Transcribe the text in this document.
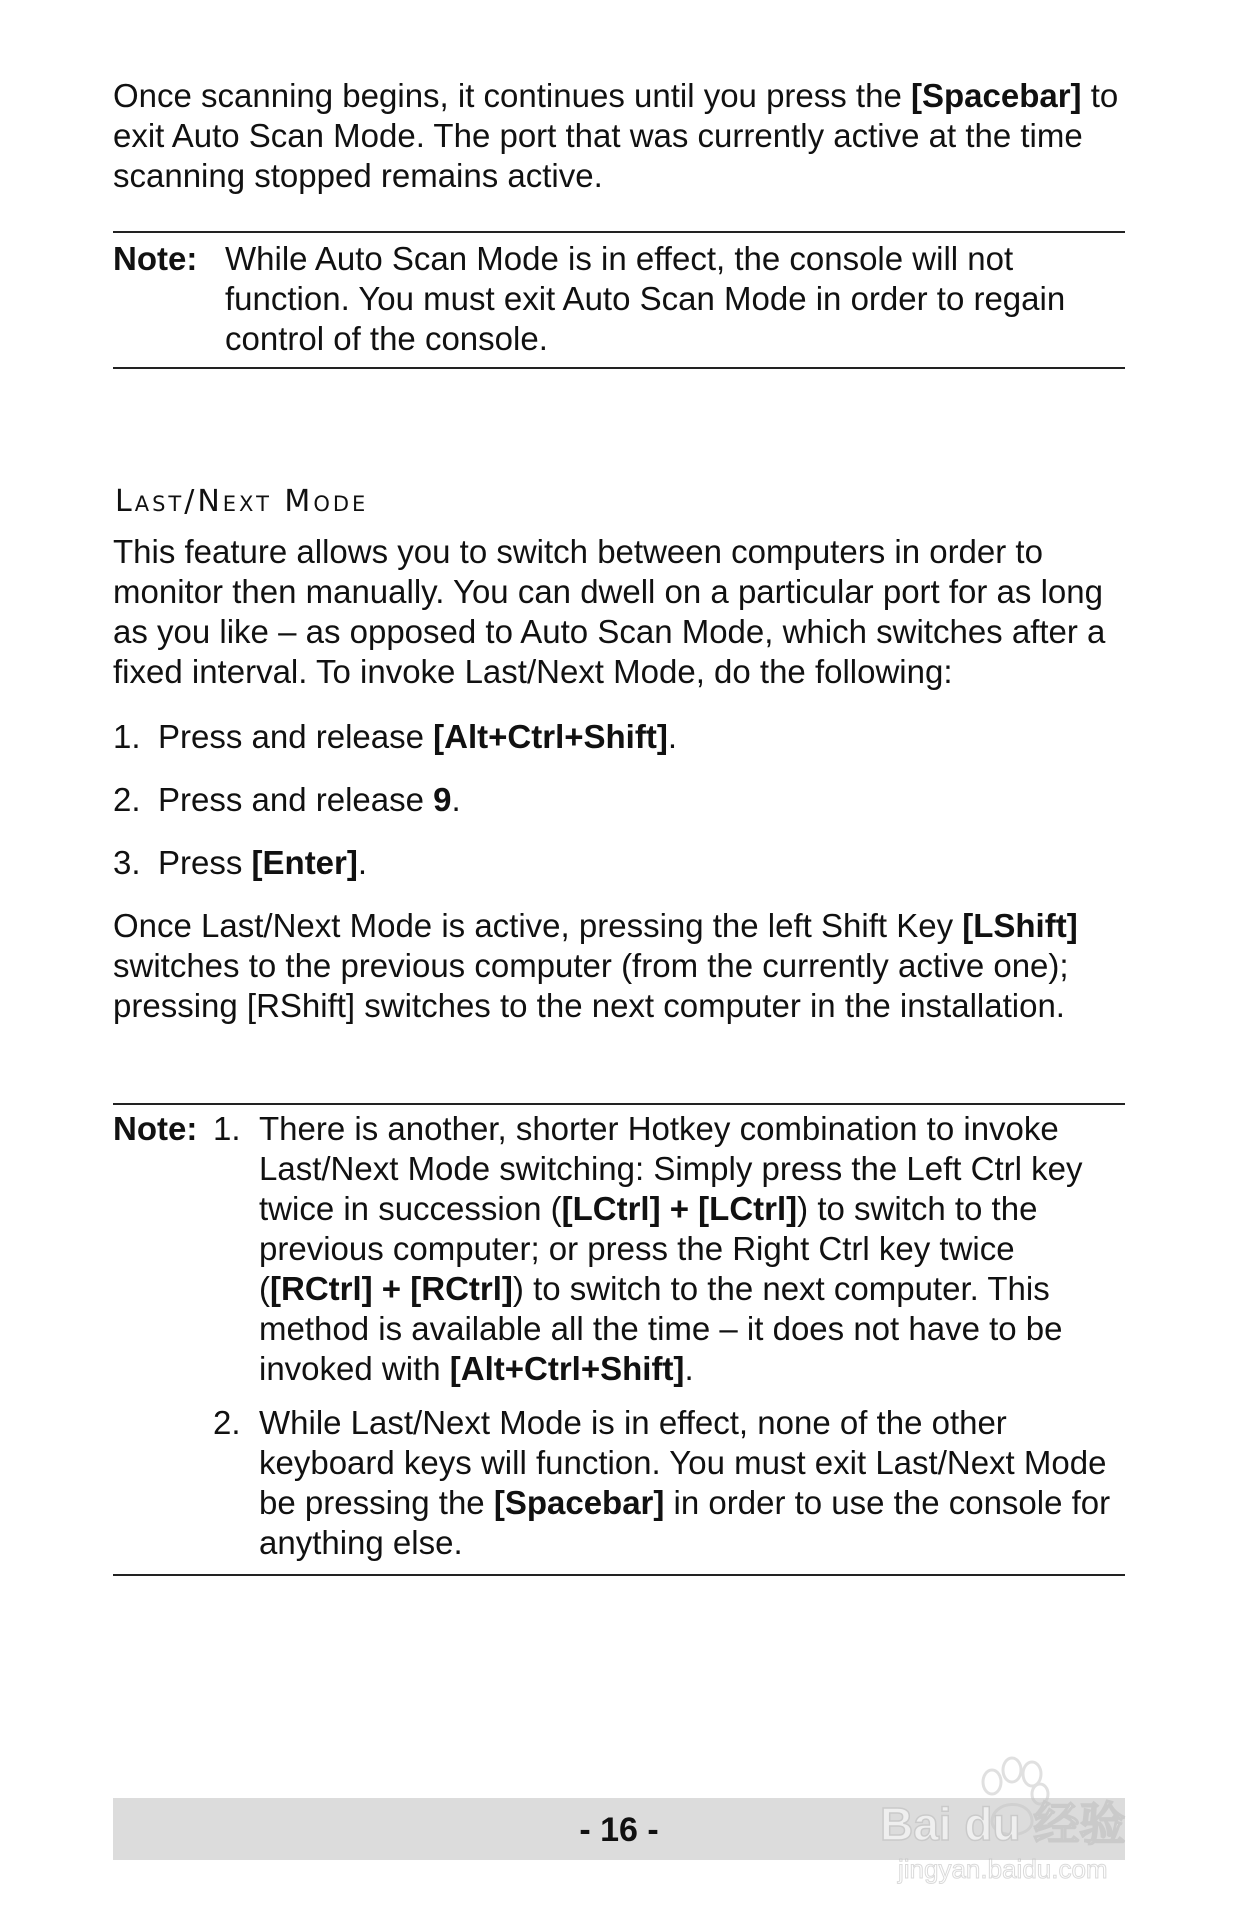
Once scanning begins, it continues until you press the [Spacebar] to exit Auto Scan Mode. The port that was currently active at the time scanning stopped remains active.

Note: While Auto Scan Mode is in effect, the console will not function. You must exit Auto Scan Mode in order to regain control of the console.
Last/Next Mode

This feature allows you to switch between computers in order to monitor then manually. You can dwell on a particular port for as long as you like – as opposed to Auto Scan Mode, which switches after a fixed interval. To invoke Last/Next Mode, do the following:

1. Press and release [Alt+Ctrl+Shift].
2. Press and release 9.
3. Press [Enter].

Once Last/Next Mode is active, pressing the left Shift Key [LShift] switches to the previous computer (from the currently active one); pressing [RShift] switches to the next computer in the installation.

Note: 1. There is another, shorter Hotkey combination to invoke Last/Next Mode switching: Simply press the Left Ctrl key twice in succession ([LCtrl] + [LCtrl]) to switch to the previous computer; or press the Right Ctrl key twice ([RCtrl] + [RCtrl]) to switch to the next computer. This method is available all the time – it does not have to be invoked with [Alt+Ctrl+Shift].
2. While Last/Next Mode is in effect, none of the other keyboard keys will function. You must exit Last/Next Mode be pressing the [Spacebar] in order to use the console for anything else.
- 16 -	Bai du 经验
jingyan.baidu.com
